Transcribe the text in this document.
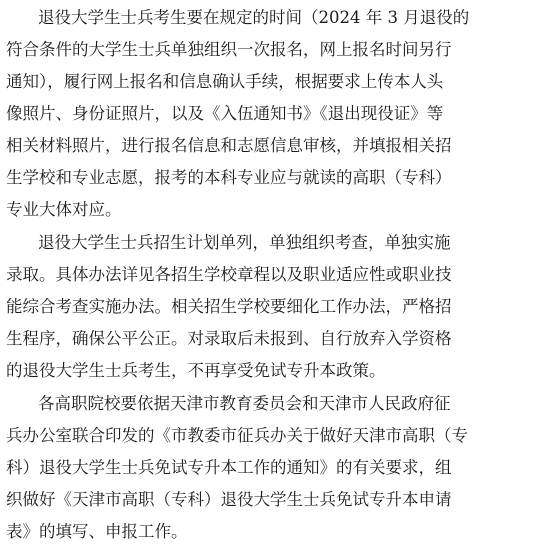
退役大学生士兵考生要在规定的时间（2024 年 3 月退役的
符合条件的大学生士兵单独组织一次报名，网上报名时间另行
通知），履行网上报名和信息确认手续，根据要求上传本人头
像照片、身份证照片，以及《入伍通知书》《退出现役证》等
相关材料照片，进行报名信息和志愿信息审核，并填报相关招
生学校和专业志愿，报考的本科专业应与就读的高职（专科）
专业大体对应。
退役大学生士兵招生计划单列，单独组织考查，单独实施
录取。具体办法详见各招生学校章程以及职业适应性或职业技
能综合考查实施办法。相关招生学校要细化工作办法，严格招
生程序，确保公平公正。对录取后未报到、自行放弃入学资格
的退役大学生士兵考生，不再享受免试专升本政策。
各高职院校要依据天津市教育委员会和天津市人民政府征
兵办公室联合印发的《市教委市征兵办关于做好天津市高职（专
科）退役大学生士兵免试专升本工作的通知》的有关要求，组
织做好《天津市高职（专科）退役大学生士兵免试专升本申请
表》的填写、申报工作。
